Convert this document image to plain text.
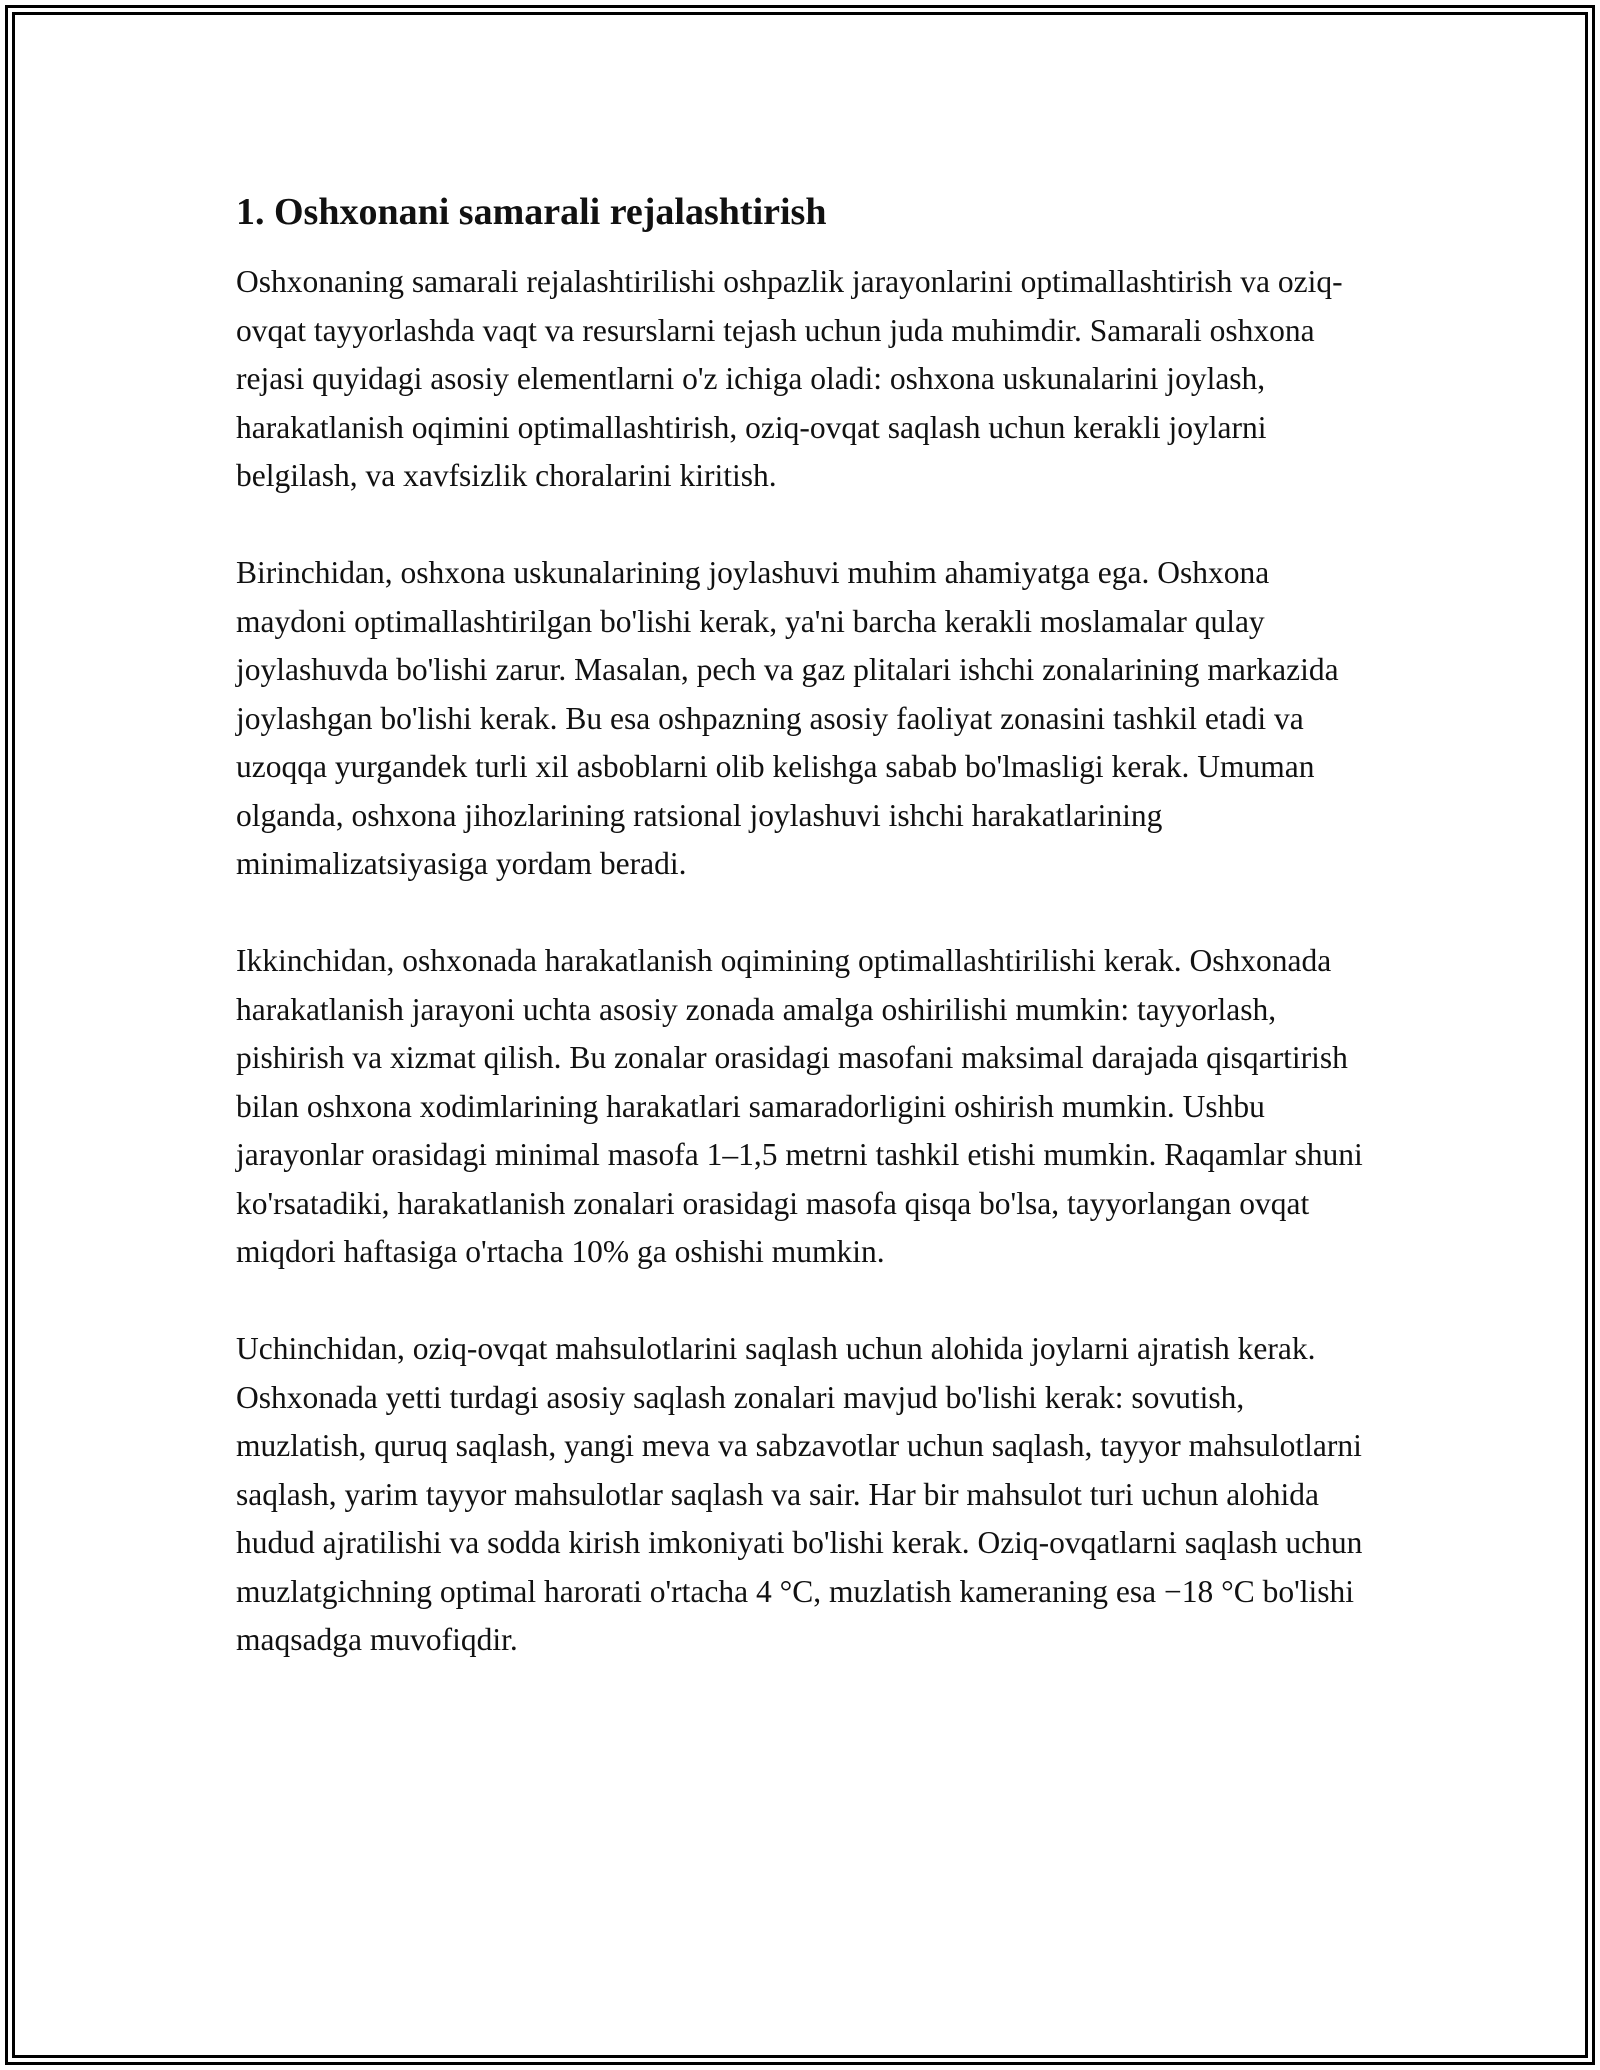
1. Oshxonani samarali rejalashtirish

Oshxonaning samarali rejalashtirilishi oshpazlik jarayonlarini optimallashtirish va oziq-ovqat tayyorlashda vaqt va resurslarni tejash uchun juda muhimdir. Samarali oshxona rejasi quyidagi asosiy elementlarni o'z ichiga oladi: oshxona uskunalarini joylash, harakatlanish oqimini optimallashtirish, oziq-ovqat saqlash uchun kerakli joylarni belgilash, va xavfsizlik choralarini kiritish.

Birinchidan, oshxona uskunalarining joylashuvi muhim ahamiyatga ega. Oshxona maydoni optimallashtirilgan bo'lishi kerak, ya'ni barcha kerakli moslamalar qulay joylashuvda bo'lishi zarur. Masalan, pech va gaz plitalari ishchi zonalarining markazida joylashgan bo'lishi kerak. Bu esa oshpazning asosiy faoliyat zonasini tashkil etadi va uzoqqa yurgandek turli xil asboblarni olib kelishga sabab bo'lmasligi kerak. Umuman olganda, oshxona jihozlarining ratsional joylashuvi ishchi harakatlarining minimalizatsiyasiga yordam beradi.

Ikkinchidan, oshxonada harakatlanish oqimining optimallashtirilishi kerak. Oshxonada harakatlanish jarayoni uchta asosiy zonada amalga oshirilishi mumkin: tayyorlash, pishirish va xizmat qilish. Bu zonalar orasidagi masofani maksimal darajada qisqartirish bilan oshxona xodimlarining harakatlari samaradorligini oshirish mumkin. Ushbu jarayonlar orasidagi minimal masofa 1–1,5 metrni tashkil etishi mumkin. Raqamlar shuni ko'rsatadiki, harakatlanish zonalari orasidagi masofa qisqa bo'lsa, tayyorlangan ovqat miqdori haftasiga o'rtacha 10% ga oshishi mumkin.

Uchinchidan, oziq-ovqat mahsulotlarini saqlash uchun alohida joylarni ajratish kerak. Oshxonada yetti turdagi asosiy saqlash zonalari mavjud bo'lishi kerak: sovutish, muzlatish, quruq saqlash, yangi meva va sabzavotlar uchun saqlash, tayyor mahsulotlarni saqlash, yarim tayyor mahsulotlar saqlash va sair. Har bir mahsulot turi uchun alohida hudud ajratilishi va sodda kirish imkoniyati bo'lishi kerak. Oziq-ovqatlarni saqlash uchun muzlatgichning optimal harorati o'rtacha 4 °C, muzlatish kameraning esa −18 °C bo'lishi maqsadga muvofiqdir.
